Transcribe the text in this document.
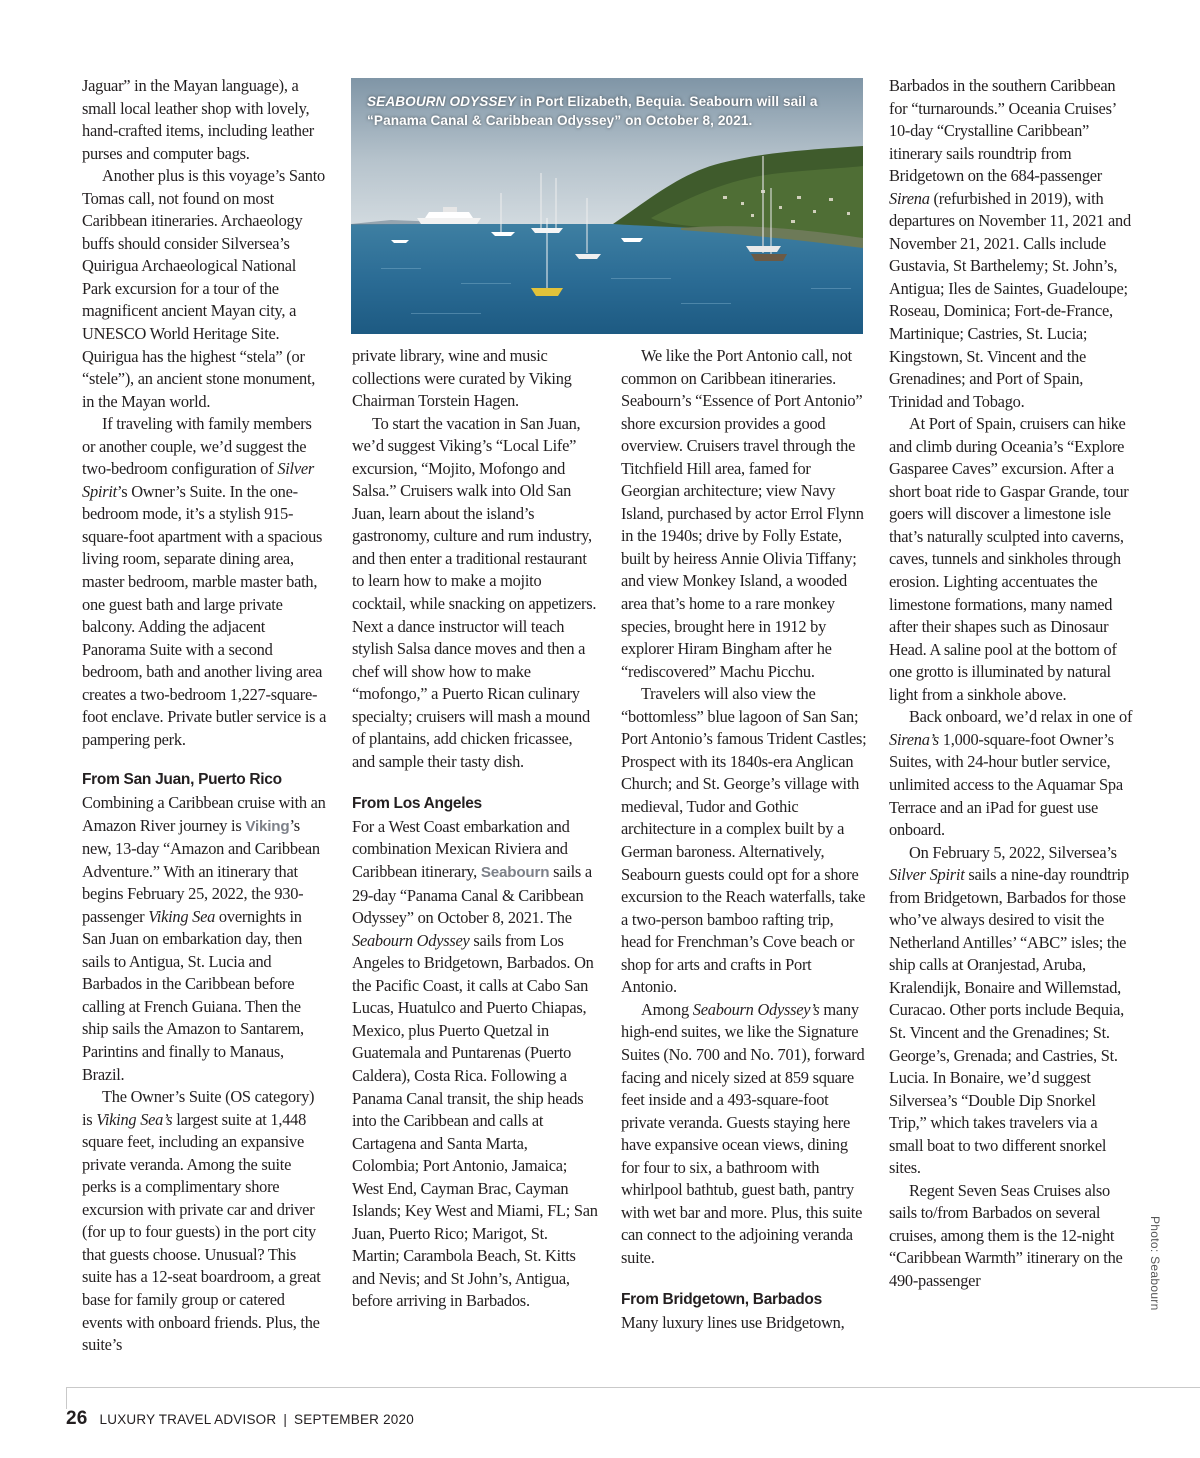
SEABOURN ODYSSEY in Port Elizabeth, Bequia. Seabourn will sail a “Panama Canal & Caribbean Odyssey” on October 8, 2021.

Jaguar” in the Mayan language), a small local leather shop with lovely, hand-crafted items, including leather purses and computer bags.

Another plus is this voyage’s Santo Tomas call, not found on most Caribbean itineraries. Archaeology buffs should consider Silversea’s Quirigua Archaeological National Park excursion for a tour of the magnificent ancient Mayan city, a UNESCO World Heritage Site. Quirigua has the highest “stela” (or “stele”), an ancient stone monument, in the Mayan world.

If traveling with family members or another couple, we’d suggest the two-bedroom configuration of Silver Spirit’s Owner’s Suite. In the one-bedroom mode, it’s a stylish 915-square-foot apartment with a spacious living room, separate dining area, master bedroom, marble master bath, one guest bath and large private balcony. Adding the adjacent Panorama Suite with a second bedroom, bath and another living area creates a two-bedroom 1,227-square-foot enclave. Private butler service is a pampering perk.

From San Juan, Puerto Rico

Combining a Caribbean cruise with an Amazon River journey is Viking’s new, 13-day “Amazon and Caribbean Adventure.” With an itinerary that begins February 25, 2022, the 930-passenger Viking Sea overnights in San Juan on embarkation day, then sails to Antigua, St. Lucia and Barbados in the Caribbean before calling at French Guiana. Then the ship sails the Amazon to Santarem, Parintins and finally to Manaus, Brazil.

The Owner’s Suite (OS category) is Viking Sea’s largest suite at 1,448 square feet, including an expansive private veranda. Among the suite perks is a complimentary shore excursion with private car and driver (for up to four guests) in the port city that guests choose. Unusual? This suite has a 12-seat boardroom, a great base for family group or catered events with onboard friends. Plus, the suite’s

private library, wine and music collections were curated by Viking Chairman Torstein Hagen.

To start the vacation in San Juan, we’d suggest Viking’s “Local Life” excursion, “Mojito, Mofongo and Salsa.” Cruisers walk into Old San Juan, learn about the island’s gastronomy, culture and rum industry, and then enter a traditional restaurant to learn how to make a mojito cocktail, while snacking on appetizers. Next a dance instructor will teach stylish Salsa dance moves and then a chef will show how to make “mofongo,” a Puerto Rican culinary specialty; cruisers will mash a mound of plantains, add chicken fricassee, and sample their tasty dish.

From Los Angeles

For a West Coast embarkation and combination Mexican Riviera and Caribbean itinerary, Seabourn sails a 29-day “Panama Canal & Caribbean Odyssey” on October 8, 2021. The Seabourn Odyssey sails from Los Angeles to Bridgetown, Barbados. On the Pacific Coast, it calls at Cabo San Lucas, Huatulco and Puerto Chiapas, Mexico, plus Puerto Quetzal in Guatemala and Puntarenas (Puerto Caldera), Costa Rica. Following a Panama Canal transit, the ship heads into the Caribbean and calls at Cartagena and Santa Marta, Colombia; Port Antonio, Jamaica; West End, Cayman Brac, Cayman Islands; Key West and Miami, FL; San Juan, Puerto Rico; Marigot, St. Martin; Carambola Beach, St. Kitts and Nevis; and St John’s, Antigua, before arriving in Barbados.

We like the Port Antonio call, not common on Caribbean itineraries. Seabourn’s “Essence of Port Antonio” shore excursion provides a good overview. Cruisers travel through the Titchfield Hill area, famed for Georgian architecture; view Navy Island, purchased by actor Errol Flynn in the 1940s; drive by Folly Estate, built by heiress Annie Olivia Tiffany; and view Monkey Island, a wooded area that’s home to a rare monkey species, brought here in 1912 by explorer Hiram Bingham after he “rediscovered” Machu Picchu.

Travelers will also view the “bottomless” blue lagoon of San San; Port Antonio’s famous Trident Castles; Prospect with its 1840s-era Anglican Church; and St. George’s village with medieval, Tudor and Gothic architecture in a complex built by a German baroness. Alternatively, Seabourn guests could opt for a shore excursion to the Reach waterfalls, take a two-person bamboo rafting trip, head for Frenchman’s Cove beach or shop for arts and crafts in Port Antonio.

Among Seabourn Odyssey’s many high-end suites, we like the Signature Suites (No. 700 and No. 701), forward facing and nicely sized at 859 square feet inside and a 493-square-foot private veranda. Guests staying here have expansive ocean views, dining for four to six, a bathroom with whirlpool bathtub, guest bath, pantry with wet bar and more. Plus, this suite can connect to the adjoining veranda suite.

From Bridgetown, Barbados

Many luxury lines use Bridgetown,

Barbados in the southern Caribbean for “turnarounds.” Oceania Cruises’ 10-day “Crystalline Caribbean” itinerary sails roundtrip from Bridgetown on the 684-passenger Sirena (refurbished in 2019), with departures on November 11, 2021 and November 21, 2021. Calls include Gustavia, St Barthelemy; St. John’s, Antigua; Iles de Saintes, Guadeloupe; Roseau, Dominica; Fort-de-France, Martinique; Castries, St. Lucia; Kingstown, St. Vincent and the Grenadines; and Port of Spain, Trinidad and Tobago.

At Port of Spain, cruisers can hike and climb during Oceania’s “Explore Gasparee Caves” excursion. After a short boat ride to Gaspar Grande, tour goers will discover a limestone isle that’s naturally sculpted into caverns, caves, tunnels and sinkholes through erosion. Lighting accentuates the limestone formations, many named after their shapes such as Dinosaur Head. A saline pool at the bottom of one grotto is illuminated by natural light from a sinkhole above.

Back onboard, we’d relax in one of Sirena’s 1,000-square-foot Owner’s Suites, with 24-hour butler service, unlimited access to the Aquamar Spa Terrace and an iPad for guest use onboard.

On February 5, 2022, Silversea’s Silver Spirit sails a nine-day roundtrip from Bridgetown, Barbados for those who’ve always desired to visit the Netherland Antilles’ “ABC” isles; the ship calls at Oranjestad, Aruba, Kralendijk, Bonaire and Willemstad, Curacao. Other ports include Bequia, St. Vincent and the Grenadines; St. George’s, Grenada; and Castries, St. Lucia. In Bonaire, we’d suggest Silversea’s “Double Dip Snorkel Trip,” which takes travelers via a small boat to two different snorkel sites.

Regent Seven Seas Cruises also sails to/from Barbados on several cruises, among them is the 12-night “Caribbean Warmth” itinerary on the 490-passenger	Photo: Seabourn
26 LUXURY TRAVEL ADVISOR | SEPTEMBER 2020
